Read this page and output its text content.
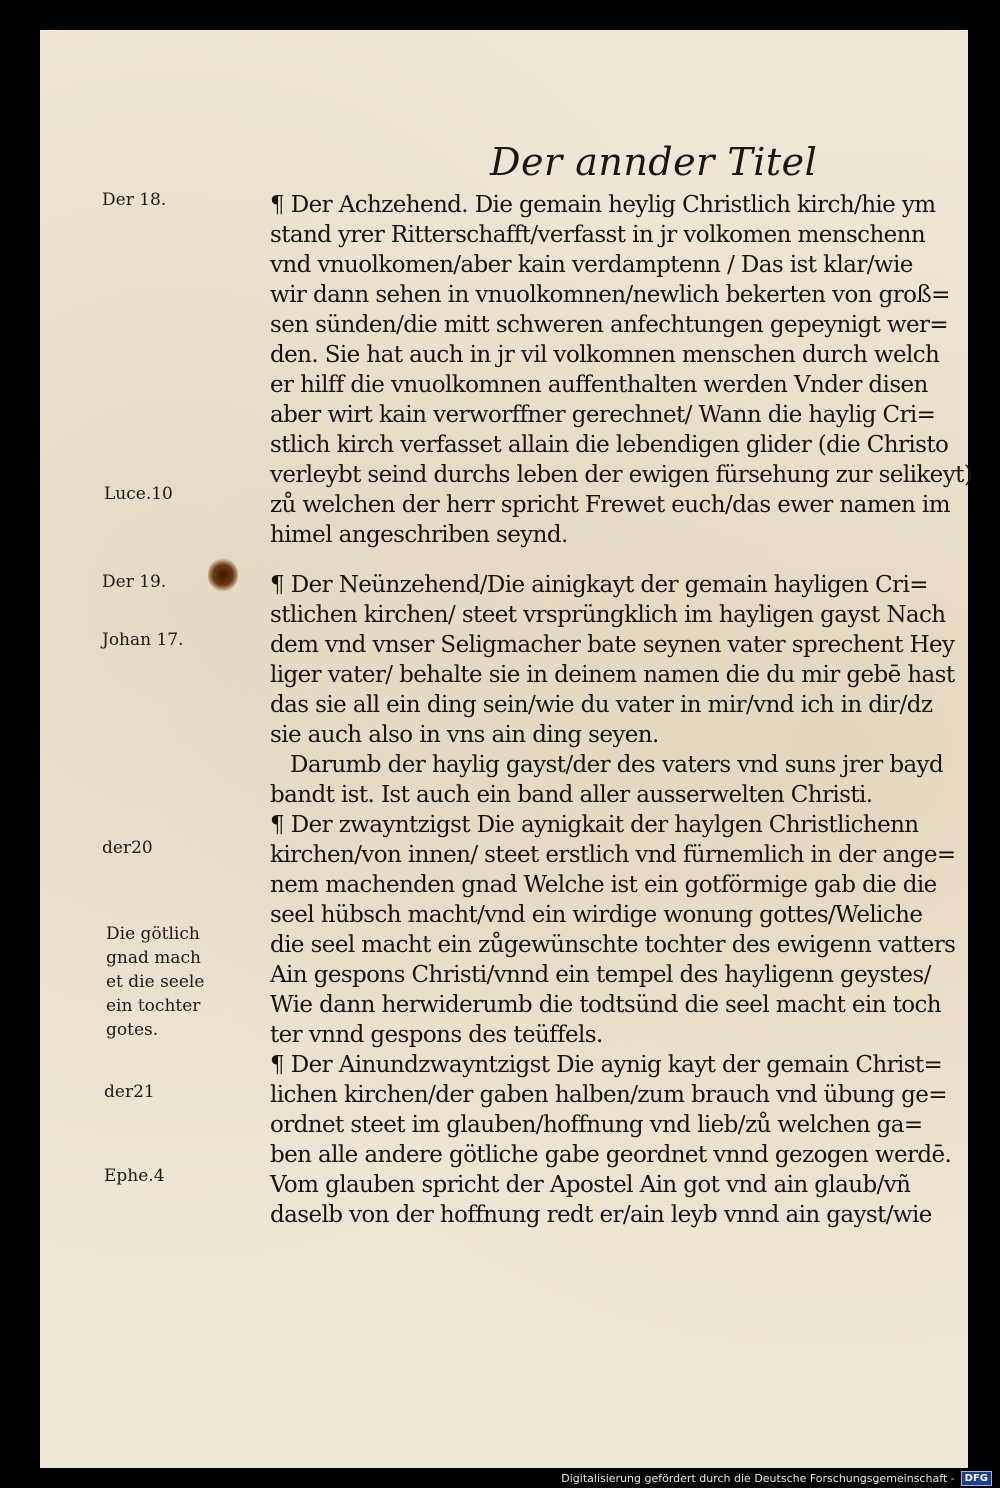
Der annder Titel
Der 18.
Luce.10
Der 19.
Johan 17.
der20
Die götlich
gnad mach
et die seele
ein tochter
gotes.
der21
Ephe.4
¶ Der Achzehend. Die gemain heylig Christlich kirch/hie ym
stand yrer Ritterschafft/verfasst in jr volkomen menschenn
vnd vnuolkomen/aber kain verdamptenn / Das ist klar/wie
wir dann sehen in vnuolkomnen/newlich bekerten von groß=
sen sünden/die mitt schweren anfechtungen gepeynigt wer=
den. Sie hat auch in jr vil volkomnen menschen durch welch
er hilff die vnuolkomnen auffenthalten werden Vnder disen
aber wirt kain verworffner gerechnet/ Wann die haylig Cri=
stlich kirch verfasset allain die lebendigen glider (die Christo
verleybt seind durchs leben der ewigen fürsehung zur selikeyt)
zů welchen der herr spricht Frewet euch/das ewer namen im
himel angeschriben seynd.
¶ Der Neünzehend/Die ainigkayt der gemain hayligen Cri=
stlichen kirchen/ steet vrsprüngklich im hayligen gayst Nach
dem vnd vnser Seligmacher bate seynen vater sprechent Hey
liger vater/ behalte sie in deinem namen die du mir gebē hast
das sie all ein ding sein/wie du vater in mir/vnd ich in dir/dz
sie auch also in vns ain ding seyen.
Darumb der haylig gayst/der des vaters vnd suns jrer bayd
bandt ist. Ist auch ein band aller ausserwelten Christi.
¶ Der zwayntzigst Die aynigkait der haylgen Christlichenn
kirchen/von innen/ steet erstlich vnd fürnemlich in der ange=
nem machenden gnad Welche ist ein gotförmige gab die die
seel hübsch macht/vnd ein wirdige wonung gottes/Weliche
die seel macht ein zůgewünschte tochter des ewigenn vatters
Ain gespons Christi/vnnd ein tempel des hayligenn geystes/
Wie dann herwiderumb die todtsünd die seel macht ein toch
ter vnnd gespons des teüffels.
¶ Der Ainundzwayntzigst Die aynig kayt der gemain Christ=
lichen kirchen/der gaben halben/zum brauch vnd übung ge=
ordnet steet im glauben/hoffnung vnd lieb/zů welchen ga=
ben alle andere götliche gabe geordnet vnnd gezogen werdē.
Vom glauben spricht der Apostel Ain got vnd ain glaub/vñ
daselb von der hoffnung redt er/ain leyb vnnd ain gayst/wie
Digitalisierung gefördert durch die Deutsche Forschungsgemeinschaft -	DFG
